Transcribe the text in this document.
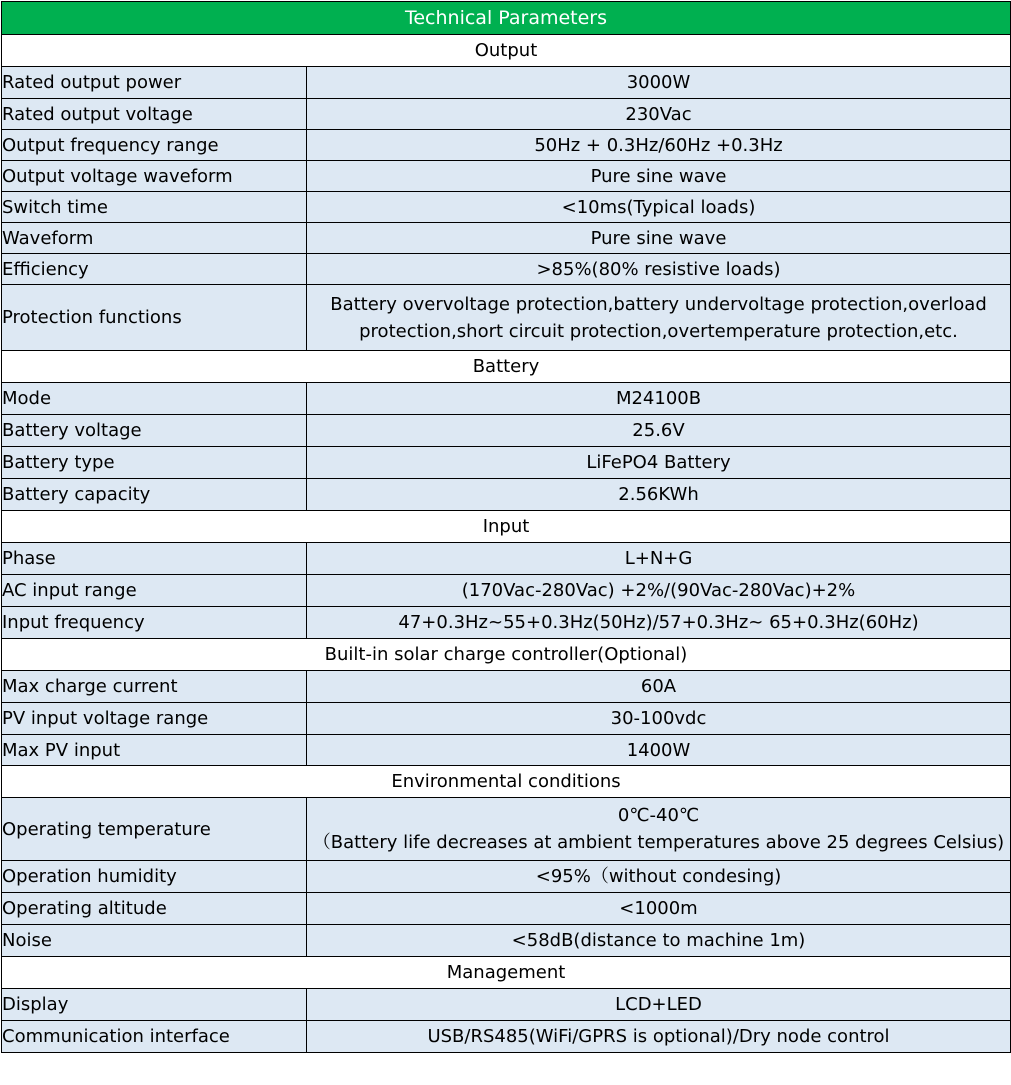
Technical Parameters	
Output	
Rated output power	3000W
Rated output voltage	230Vac
Output frequency range	50Hz + 0.3Hz/60Hz +0.3Hz
Output voltage waveform	Pure sine wave
Switch time	<10ms(Typical loads)
Waveform	Pure sine wave
Efficiency	>85%(80% resistive loads)
Protection functions	Battery overvoltage protection,battery undervoltage protection,overload protection,short circuit protection,overtemperature protection,etc.
Battery	
Mode	M24100B
Battery voltage	25.6V
Battery type	LiFePO4 Battery
Battery capacity	2.56KWh
Input	
Phase	L+N+G
AC input range	(170Vac-280Vac) +2%/(90Vac-280Vac)+2%
Input frequency	47+0.3Hz~55+0.3Hz(50Hz)/57+0.3Hz~ 65+0.3Hz(60Hz)
Built-in solar charge controller(Optional)	
Max charge current	60A
PV input voltage range	30-100vdc
Max PV input	1400W
Environmental conditions	
Operating temperature	0℃-40℃
（Battery life decreases at ambient temperatures above 25 degrees Celsius)
Operation humidity	<95%（without condesing)
Operating altitude	<1000m
Noise	<58dB(distance to machine 1m)
Management	
Display	LCD+LED
Communication interface	USB/RS485(WiFi/GPRS is optional)/Dry node control
